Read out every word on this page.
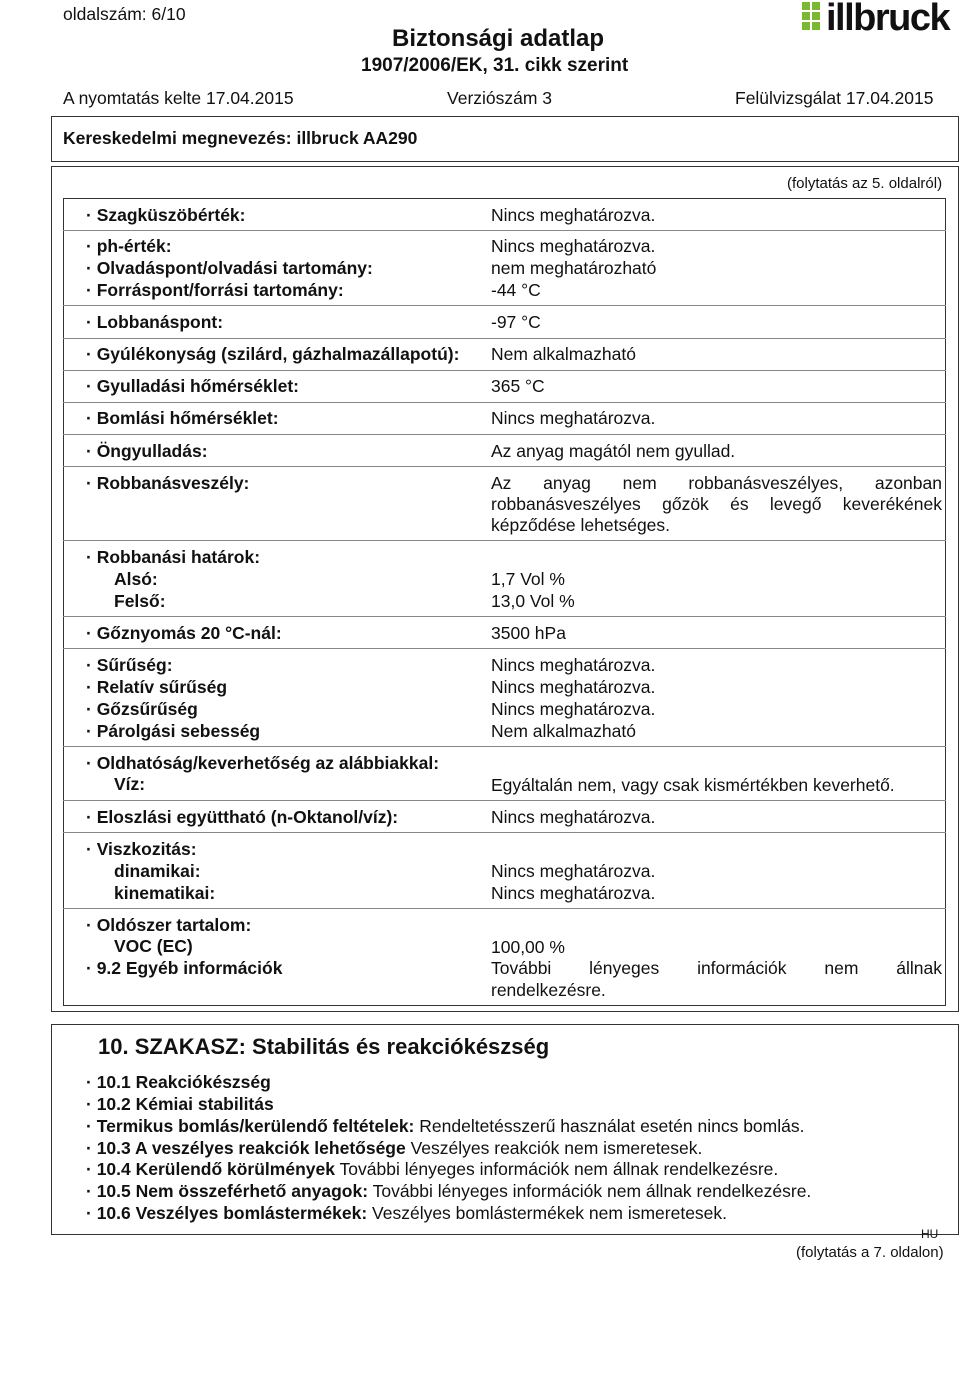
oldalszám: 6/10
Biztonsági adatlap
1907/2006/EK, 31. cikk szerint
illbruck
A nyomtatás kelte 17.04.2015	Verziószám 3	Felülvizsgálat 17.04.2015
Kereskedelmi megnevezés: illbruck AA290
(folytatás az 5. oldalról)
· Szagküszöbérték:	Nincs meghatározva.
· ph-érték:	Nincs meghatározva.
· Olvadáspont/olvadási tartomány:	nem meghatározható
· Forráspont/forrási tartomány:	-44 °C
· Lobbanáspont:	-97 °C
· Gyúlékonyság (szilárd, gázhalmazállapotú): Nem alkalmazható
· Gyulladási hőmérséklet:	365 °C
· Bomlási hőmérséklet:	Nincs meghatározva.
· Öngyulladás:	Az anyag magától nem gyullad.
· Robbanásveszély:	Az anyag nem robbanásveszélyes, azonban
robbanásveszélyes gőzök és levegő keverékének
képződése lehetséges.
· Robbanási határok:
Alsó:	1,7 Vol %
Felső:	13,0 Vol %
· Gőznyomás 20 °C-nál:	3500 hPa
· Sűrűség:	Nincs meghatározva.
· Relatív sűrűség	Nincs meghatározva.
· Gőzsűrűség	Nincs meghatározva.
· Párolgási sebesség	Nem alkalmazható
· Oldhatóság/keverhetőség az alábbiakkal:
Víz:	Egyáltalán nem, vagy csak kismértékben keverhető.
· Eloszlási együttható (n-Oktanol/víz):	Nincs meghatározva.
· Viszkozitás:
dinamikai:	Nincs meghatározva.
kinematikai:	Nincs meghatározva.
· Oldószer tartalom:
VOC (EC)	100,00 %
· 9.2 Egyéb információk	További lényeges információk nem állnak
rendelkezésre.
10. SZAKASZ: Stabilitás és reakciókészség
· 10.1 Reakciókészség
· 10.2 Kémiai stabilitás
· Termikus bomlás/kerülendő feltételek: Rendeltetésszerű használat esetén nincs bomlás.
· 10.3 A veszélyes reakciók lehetősége Veszélyes reakciók nem ismeretesek.
· 10.4 Kerülendő körülmények További lényeges információk nem állnak rendelkezésre.
· 10.5 Nem összeférhető anyagok: További lényeges információk nem állnak rendelkezésre.
· 10.6 Veszélyes bomlástermékek: Veszélyes bomlástermékek nem ismeretesek.
HU
(folytatás a 7. oldalon)
